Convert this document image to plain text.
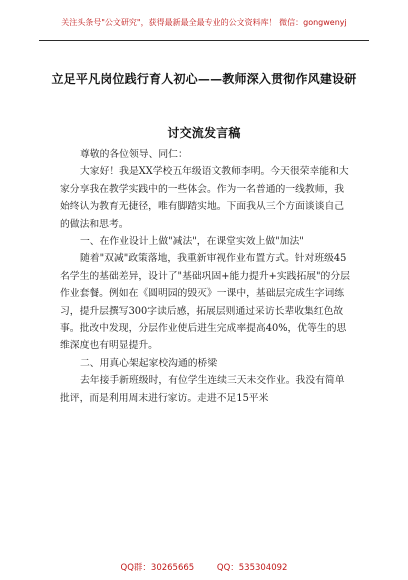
关注头条号"公文研究"，获得最新最全最专业的公文资料库！ 微信：gongwenyj
立足平凡岗位践行育人初心——教师深入贯彻作风建设研
讨交流发言稿

尊敬的各位领导、同仁：

大家好！我是XX学校五年级语文教师李明。今天很荣幸能和大家分享我在教学实践中的一些体会。作为一名普通的一线教师，我始终认为教育无捷径，唯有脚踏实地。下面我从三个方面谈谈自己的做法和思考。

一、在作业设计上做"减法"，在课堂实效上做"加法"

随着"双减"政策落地，我重新审视作业布置方式。针对班级45名学生的基础差异，设计了"基础巩固+能力提升+实践拓展"的分层作业套餐。例如在《圆明园的毁灭》一课中，基础层完成生字词练习，提升层撰写300字读后感，拓展层则通过采访长辈收集红色故事。批改中发现，分层作业使后进生完成率提高40%，优等生的思维深度也有明显提升。

二、用真心架起家校沟通的桥梁

去年接手新班级时，有位学生连续三天未交作业。我没有简单批评，而是利用周末进行家访。走进不足15平米

QQ群：30265665	QQ：535304092
